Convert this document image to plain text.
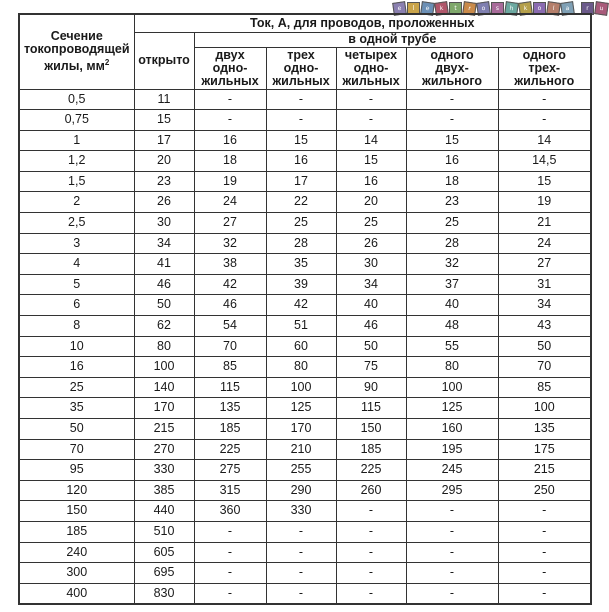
e	l	e	k	t	r	o	s	h	k	o	l	a	r	u
Сечение
токопроводящей
жилы, $мм^2$	Ток, А, для проводов, проложенных					
	открыто	в одной трубе				
		двух
одно-
жильных	трех
одно-
жильных	четырех
одно-
жильных	одного
двух-
жильного	одного
трех-
жильного
0,5	11	-	-	-	-	-
0,75	15	-	-	-	-	-
1	17	16	15	14	15	14
1,2	20	18	16	15	16	14,5
1,5	23	19	17	16	18	15
2	26	24	22	20	23	19
2,5	30	27	25	25	25	21
3	34	32	28	26	28	24
4	41	38	35	30	32	27
5	46	42	39	34	37	31
6	50	46	42	40	40	34
8	62	54	51	46	48	43
10	80	70	60	50	55	50
16	100	85	80	75	80	70
25	140	115	100	90	100	85
35	170	135	125	115	125	100
50	215	185	170	150	160	135
70	270	225	210	185	195	175
95	330	275	255	225	245	215
120	385	315	290	260	295	250
150	440	360	330	-	-	-
185	510	-	-	-	-	-
240	605	-	-	-	-	-
300	695	-	-	-	-	-
400	830	-	-	-	-	-
